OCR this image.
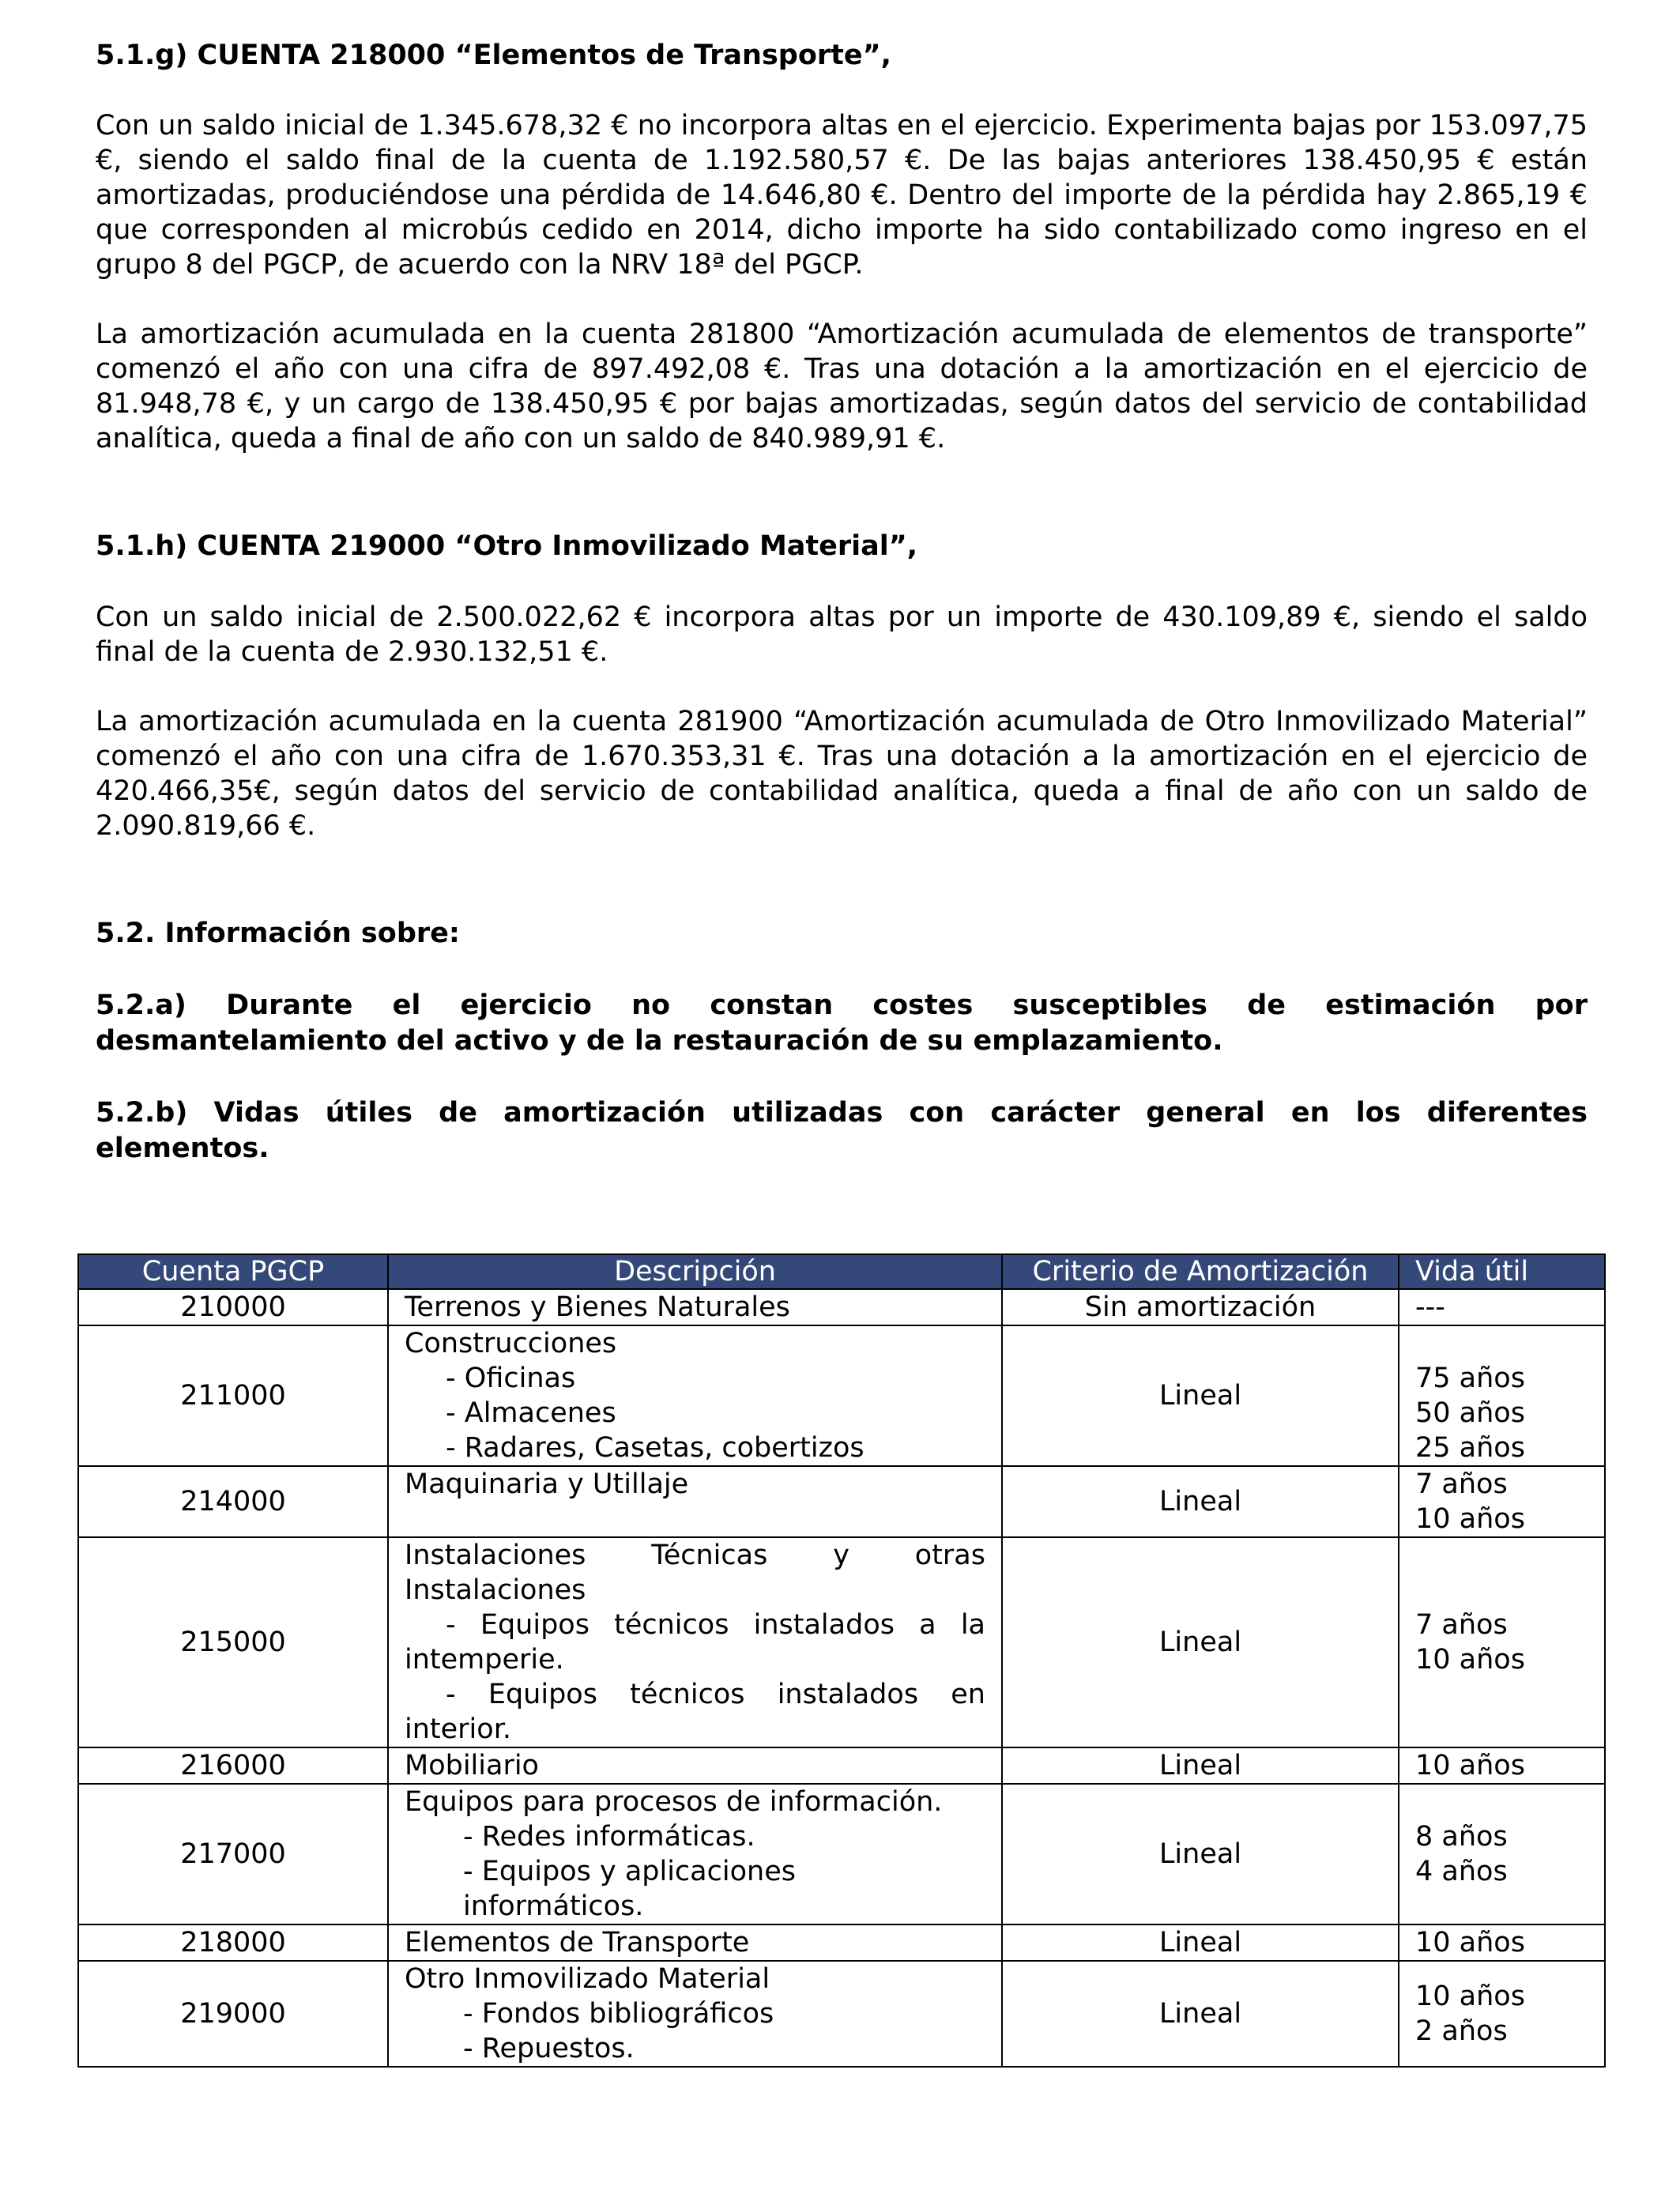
5.1.g) CUENTA 218000 “Elementos de Transporte”,

Con un saldo inicial de 1.345.678,32 € no incorpora altas en el ejercicio. Experimenta bajas por 153.097,75 €, siendo el saldo final de la cuenta de 1.192.580,57 €. De las bajas anteriores 138.450,95 € están amortizadas, produciéndose una pérdida de 14.646,80 €. Dentro del importe de la pérdida hay 2.865,19 € que corresponden al microbús cedido en 2014, dicho importe ha sido contabilizado como ingreso en el grupo 8 del PGCP, de acuerdo con la NRV 18ª del PGCP.

La amortización acumulada en la cuenta 281800 “Amortización acumulada de elementos de transporte” comenzó el año con una cifra de 897.492,08 €. Tras una dotación a la amortización en el ejercicio de 81.948,78 €, y un cargo de 138.450,95 € por bajas amortizadas, según datos del servicio de contabilidad analítica, queda a final de año con un saldo de 840.989,91 €.

5.1.h) CUENTA 219000 “Otro Inmovilizado Material”,

Con un saldo inicial de 2.500.022,62 € incorpora altas por un importe de 430.109,89 €, siendo el saldo final de la cuenta de 2.930.132,51 €.

La amortización acumulada en la cuenta 281900 “Amortización acumulada de Otro Inmovilizado Material” comenzó el año con una cifra de 1.670.353,31 €. Tras una dotación a la amortización en el ejercicio de 420.466,35€, según datos del servicio de contabilidad analítica, queda a final de año con un saldo de 2.090.819,66 €.

5.2. Información sobre:

5.2.a) Durante el ejercicio no constan costes susceptibles de estimación por desmantelamiento del activo y de la restauración de su emplazamiento.

5.2.b) Vidas útiles de amortización utilizadas con carácter general en los diferentes elementos.

Cuenta PGCP	Descripción	Criterio de Amortización	Vida útil
210000	Terrenos y Bienes Naturales	Sin amortización	---
211000	Construcciones
- Oficinas
- Almacenes
- Radares, Casetas, cobertizos	Lineal	75 años
50 años
25 años

214000	Maquinaria y Utillaje	Lineal	7 años
10 años

215000	Instalaciones Técnicas y otras Instalaciones
- Equipos técnicos instalados a la intemperie.
- Equipos técnicos instalados en interior.	Lineal	7 años
10 años

216000	Mobiliario	Lineal	10 años
217000	Equipos para procesos de información.
- Redes informáticas.
- Equipos y aplicaciones informáticos.	Lineal	8 años
4 años

218000	Elementos de Transporte	Lineal	10 años
219000	Otro Inmovilizado Material
- Fondos bibliográficos
- Repuestos.	Lineal	10 años
2 años
